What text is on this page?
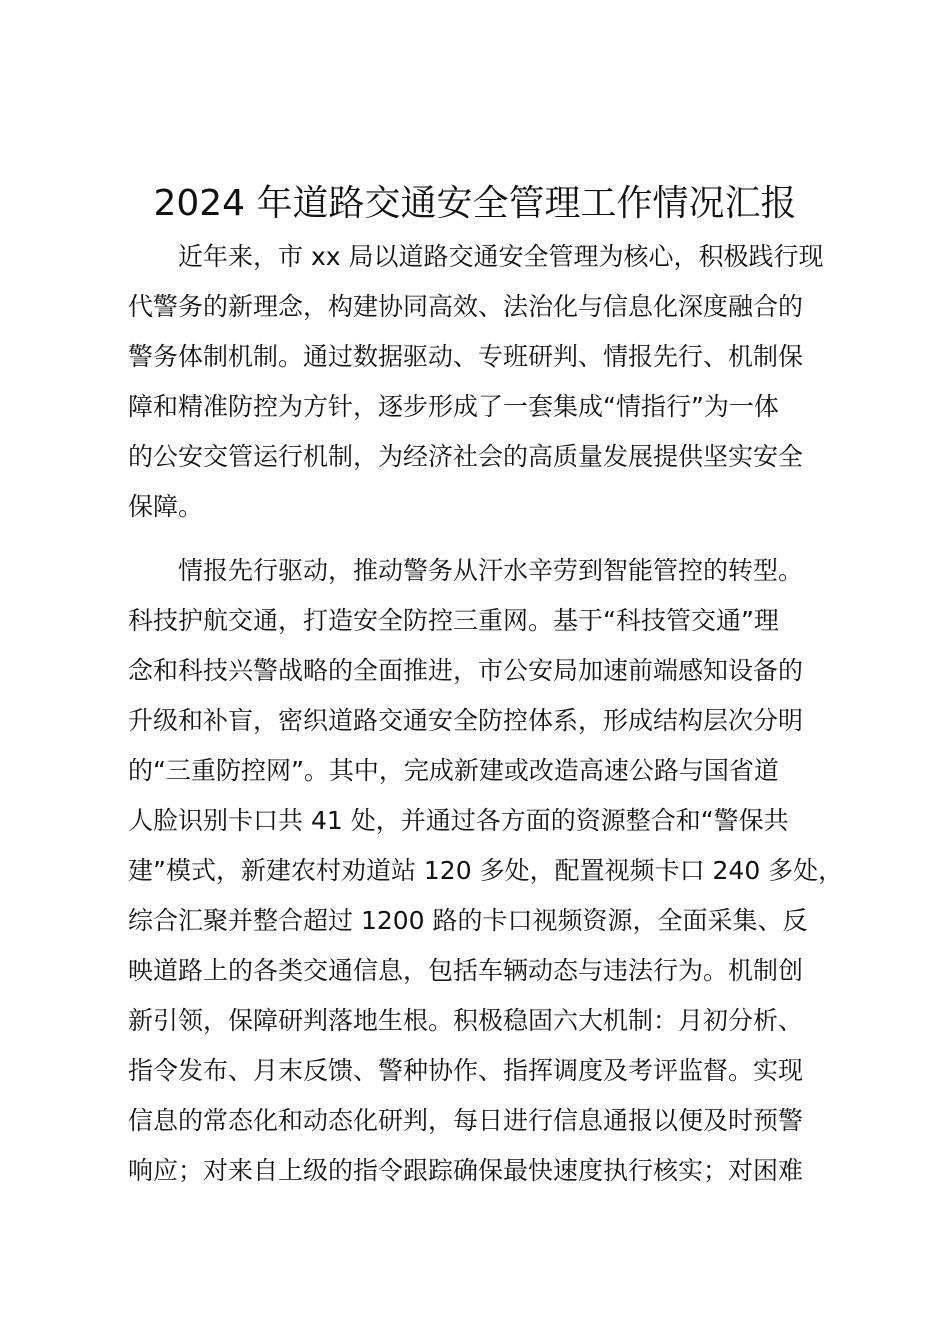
2024 年道路交通安全管理工作情况汇报

近年来，市 xx 局以道路交通安全管理为核心，积极践行现
代警务的新理念，构建协同高效、法治化与信息化深度融合的
警务体制机制。通过数据驱动、专班研判、情报先行、机制保
障和精准防控为方针，逐步形成了一套集成“情指行”为一体
的公安交管运行机制，为经济社会的高质量发展提供坚实安全
保障。

情报先行驱动，推动警务从汗水辛劳到智能管控的转型。
科技护航交通，打造安全防控三重网。基于“科技管交通”理
念和科技兴警战略的全面推进，市公安局加速前端感知设备的
升级和补盲，密织道路交通安全防控体系，形成结构层次分明
的“三重防控网”。其中，完成新建或改造高速公路与国省道
人脸识别卡口共 41 处，并通过各方面的资源整合和“警保共
建”模式，新建农村劝道站 120 多处，配置视频卡口 240 多处，
综合汇聚并整合超过 1200 路的卡口视频资源，全面采集、反
映道路上的各类交通信息，包括车辆动态与违法行为。机制创
新引领，保障研判落地生根。积极稳固六大机制：月初分析、
指令发布、月末反馈、警种协作、指挥调度及考评监督。实现
信息的常态化和动态化研判，每日进行信息通报以便及时预警
响应；对来自上级的指令跟踪确保最快速度执行核实；对困难
